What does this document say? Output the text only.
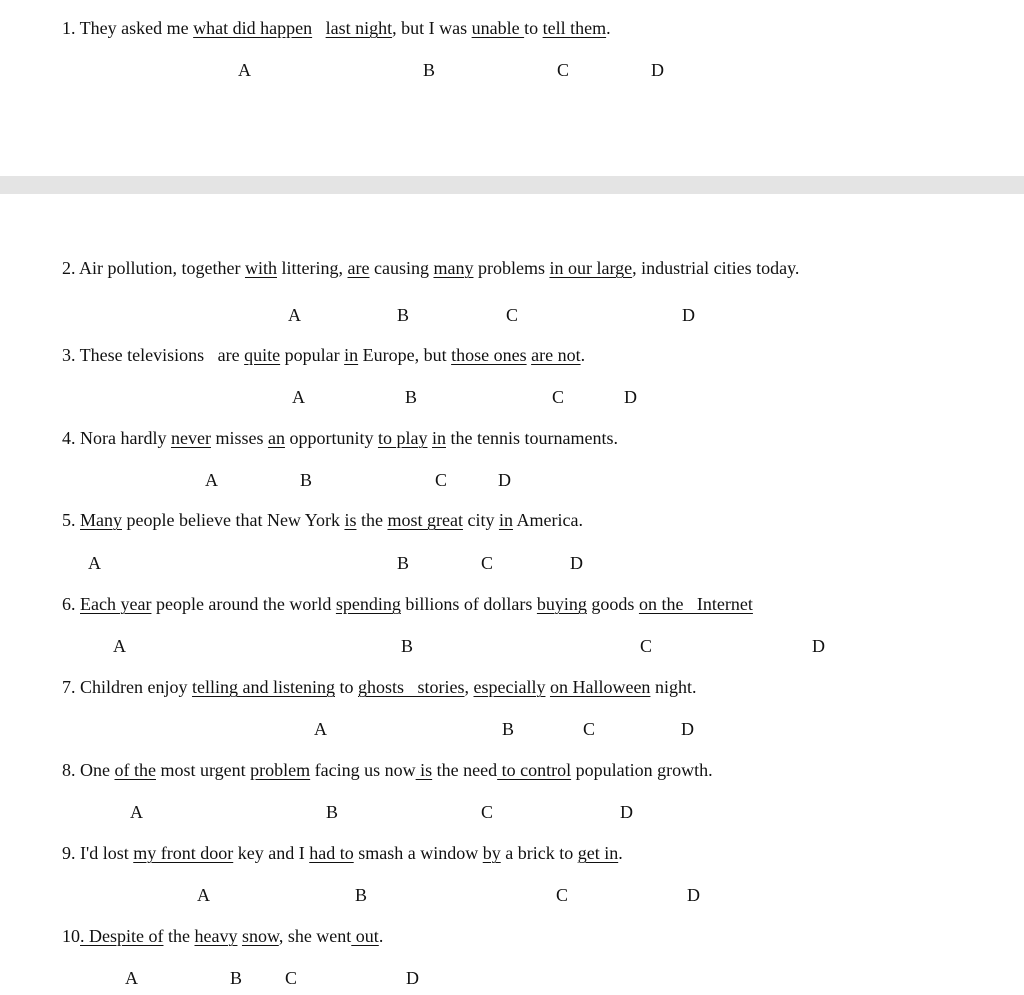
1. They asked me what did happen last night, but I was unable to tell them.
A	B	C	D
2. Air pollution, together with littering, are causing many problems in our large, industrial cities today.
A	B	C	D
3. These televisions   are quite popular in Europe, but those ones are not.
A	B	C	D
4. Nora hardly never misses an opportunity to play in the tennis tournaments.
A	B	C	D
5. Many people believe that New York is the most great city in America.
A	B	C	D
6. Each year people around the world spending billions of dollars buying goods on the   Internet
A	B	C	D
7. Children enjoy telling and listening to ghosts   stories, especially on Halloween night.
A	B	C	D
8. One of the most urgent problem facing us now is the need to control population growth.
A	B	C	D
9. I'd lost my front door key and I had to smash a window by a brick to get in.
A	B	C	D
10. Despite of the heavy snow, she went out.
A	B C	D
